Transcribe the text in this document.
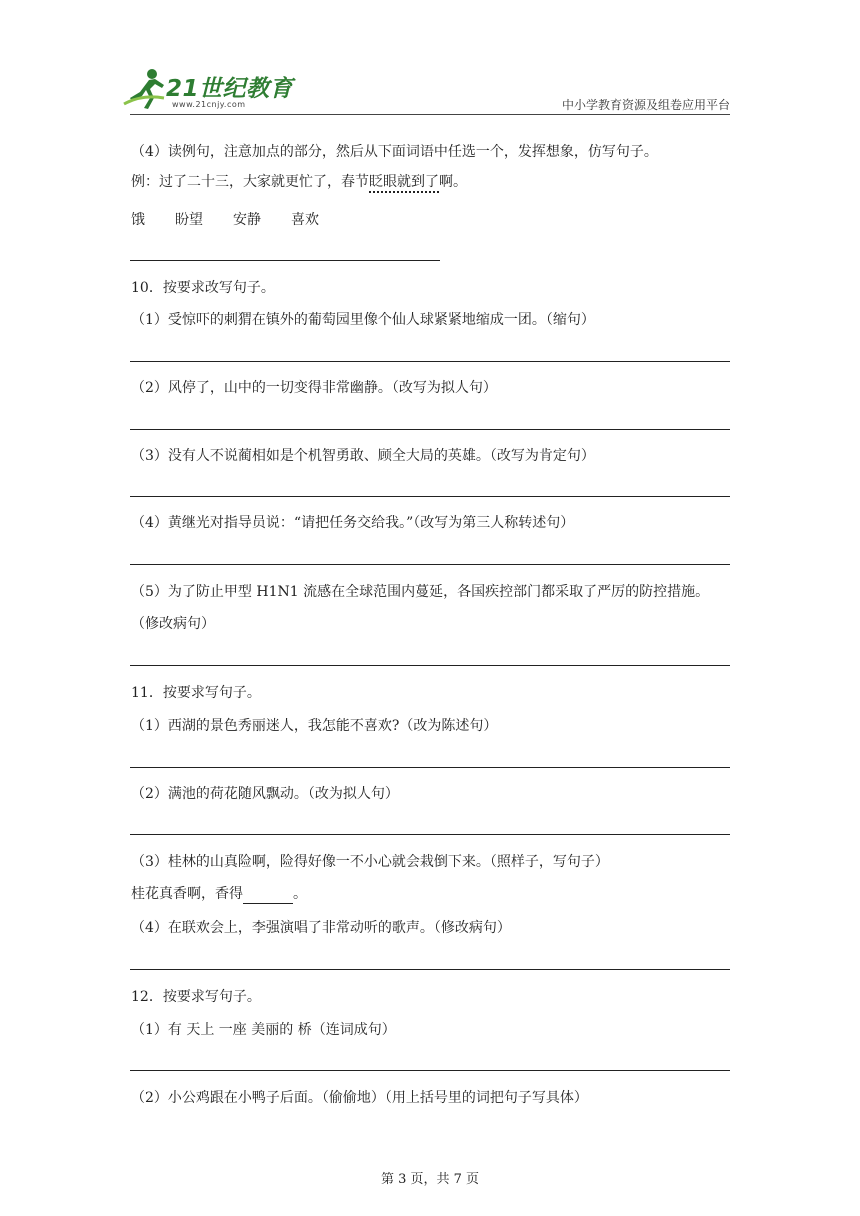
21世纪教育
www.21cnjy.com	中小学教育资源及组卷应用平台
（4）读例句，注意加点的部分，然后从下面词语中任选一个，发挥想象，仿写句子。
例：过了二十三，大家就更忙了，春节眨眼就到了啊。
饿 盼望 安静 喜欢
10．按要求改写句子。
（1）受惊吓的刺猬在镇外的葡萄园里像个仙人球紧紧地缩成一团。（缩句）
（2）风停了，山中的一切变得非常幽静。（改写为拟人句）
（3）没有人不说蔺相如是个机智勇敢、顾全大局的英雄。（改写为肯定句）
（4）黄继光对指导员说：“请把任务交给我。”（改写为第三人称转述句）
（5）为了防止甲型 H1N1 流感在全球范围内蔓延，各国疾控部门都采取了严厉的防控措施。
（修改病句）
11．按要求写句子。
（1）西湖的景色秀丽迷人，我怎能不喜欢?（改为陈述句）
（2）满池的荷花随风飘动。（改为拟人句）
（3）桂林的山真险啊，险得好像一不小心就会栽倒下来。（照样子，写句子）
桂花真香啊，香得	。
（4）在联欢会上，李强演唱了非常动听的歌声。（修改病句）
12．按要求写句子。
（1）有 天上 一座 美丽的 桥（连词成句）
（2）小公鸡跟在小鸭子后面。（偷偷地）（用上括号里的词把句子写具体）
第 3 页，共 7 页
